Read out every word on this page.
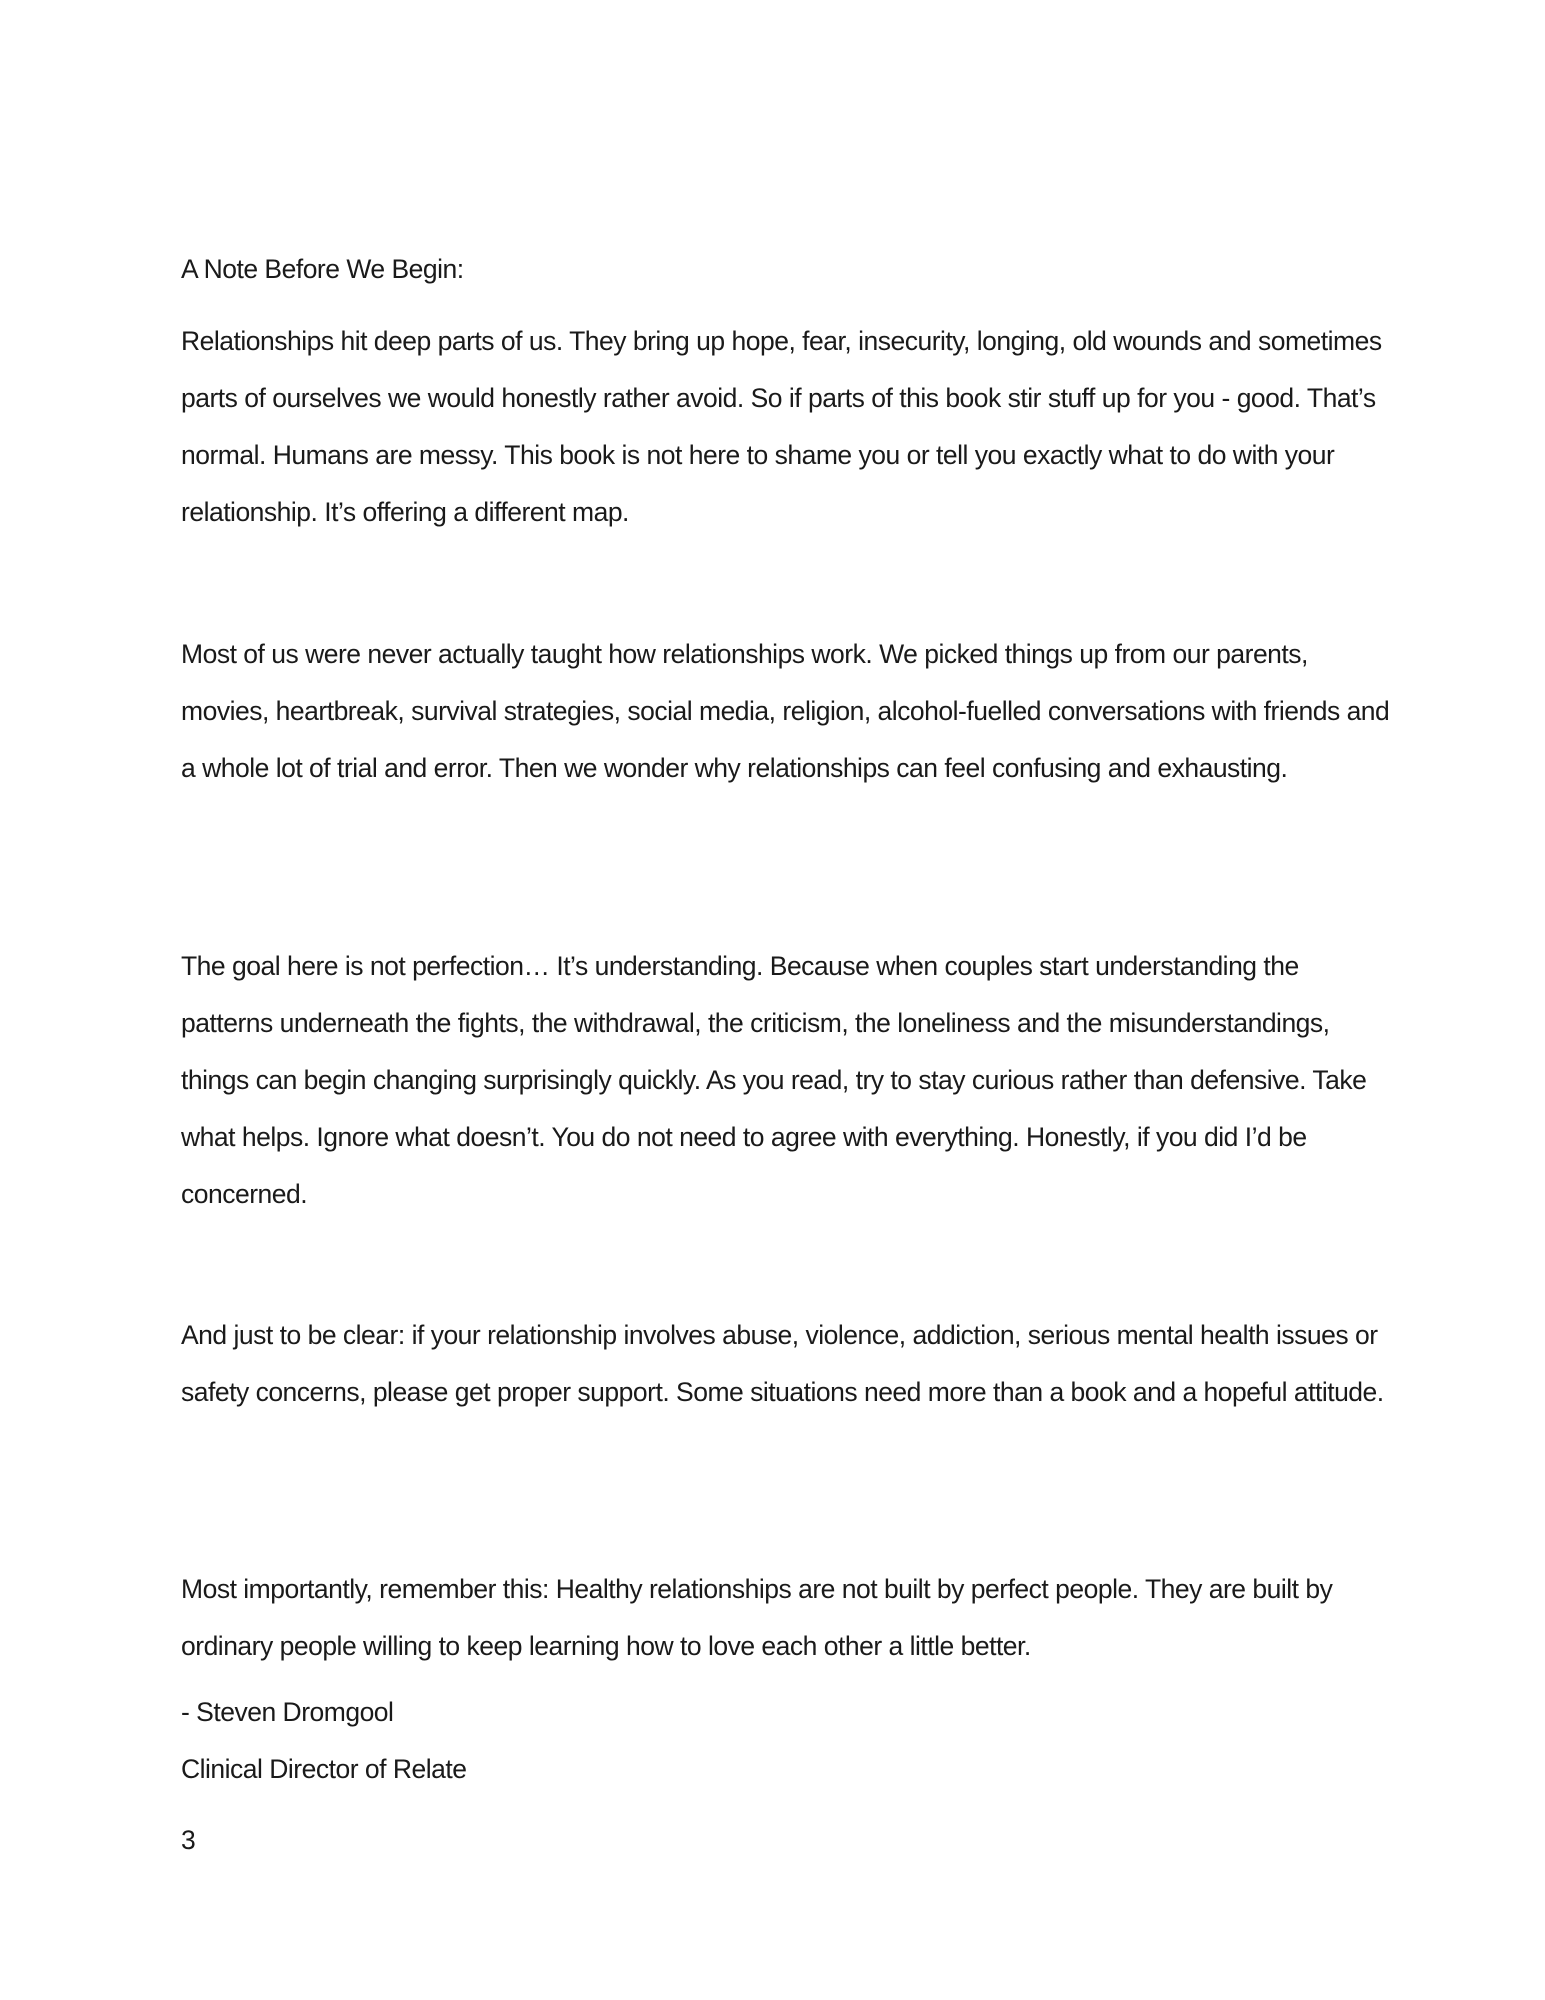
A Note Before We Begin:

Relationships hit deep parts of us. They bring up hope, fear, insecurity, longing, old wounds and sometimes parts of ourselves we would honestly rather avoid. So if parts of this book stir stuff up for you - good. That’s normal. Humans are messy. This book is not here to shame you or tell you exactly what to do with your relationship. It’s offering a different map.

Most of us were never actually taught how relationships work. We picked things up from our parents, movies, heartbreak, survival strategies, social media, religion, alcohol-fuelled conversations with friends and a whole lot of trial and error. Then we wonder why relationships can feel confusing and exhausting.

The goal here is not perfection… It’s understanding. Because when couples start understanding the patterns underneath the fights, the withdrawal, the criticism, the loneliness and the misunderstandings, things can begin changing surprisingly quickly. As you read, try to stay curious rather than defensive. Take what helps. Ignore what doesn’t. You do not need to agree with everything. Honestly, if you did I’d be concerned.

And just to be clear: if your relationship involves abuse, violence, addiction, serious mental health issues or safety concerns, please get proper support. Some situations need more than a book and a hopeful attitude.

Most importantly, remember this: Healthy relationships are not built by perfect people. They are built by ordinary people willing to keep learning how to love each other a little better.

- Steven Dromgool

Clinical Director of Relate

3
